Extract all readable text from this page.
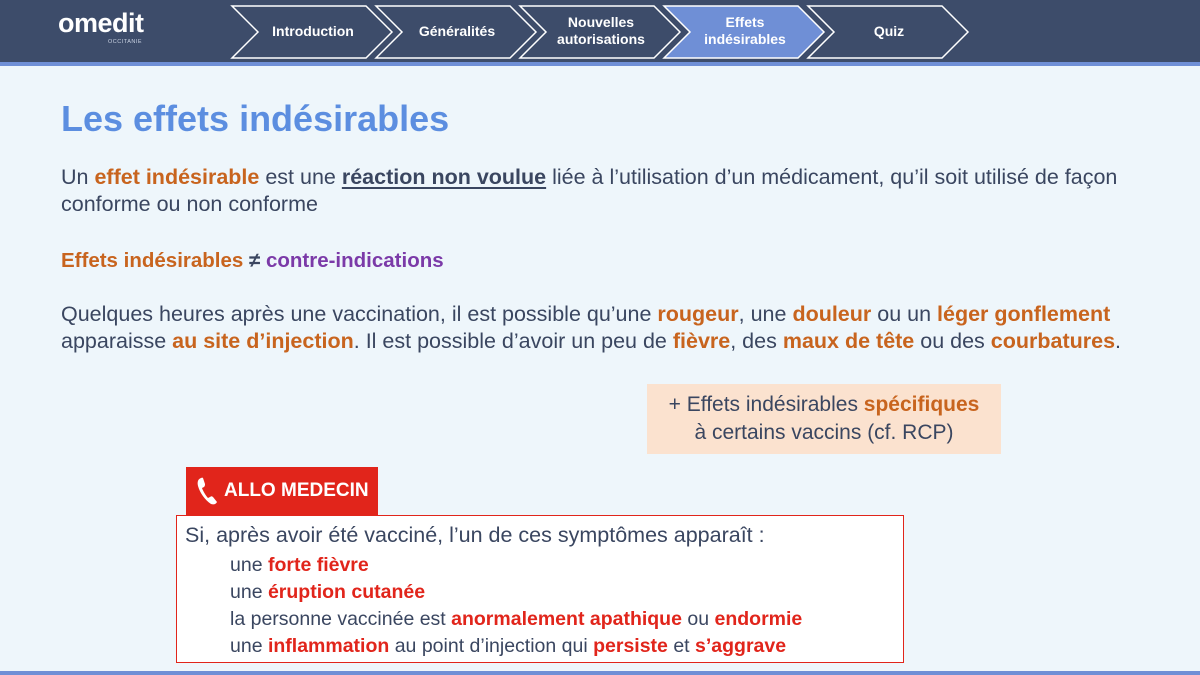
omedit
OCCITANIE
Introduction	Généralités
Nouvelles
autorisations
Effets
indésirables	Quiz
Les effets indésirables
Un effet indésirable est une réaction non voulue liée à l’utilisation d’un médicament, qu’il soit utilisé de façon conforme ou non conforme
Effets indésirables ≠ contre-indications
Quelques heures après une vaccination, il est possible qu’une rougeur, une douleur ou un léger gonflement apparaisse au site d’injection. Il est possible d’avoir un peu de fièvre, des maux de tête ou des courbatures.
+ Effets indésirables spécifiques
à certains vaccins (cf. RCP)
ALLO MEDECIN
Si, après avoir été vacciné, l’un de ces symptômes apparaît :
une forte fièvre
une éruption cutanée
la personne vaccinée est anormalement apathique ou endormie
une inflammation au point d’injection qui persiste et s’aggrave
